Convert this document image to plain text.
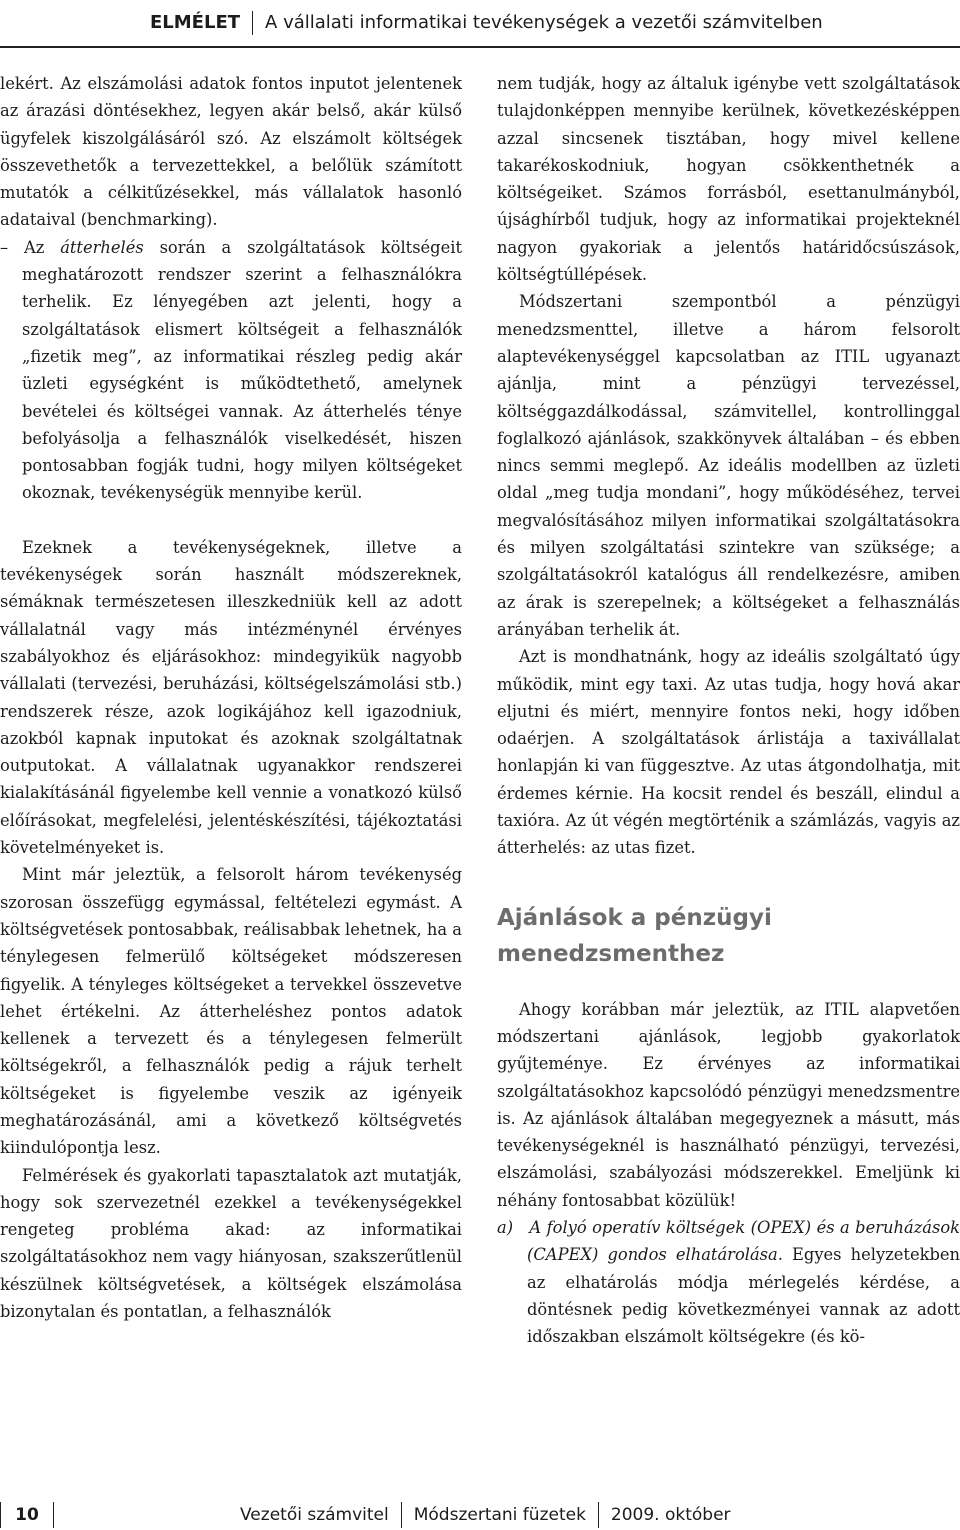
ELMÉLET A vállalati informatikai tevékenységek a vezetői számvitelben

lekért. Az elszámolási adatok fontos inputot jelentenek az árazási döntésekhez, legyen akár belső, akár külső ügyfelek kiszolgálásáról szó. Az elszámolt költségek összevethetők a tervezettekkel, a belőlük számított mutatók a célkitűzésekkel, más vállalatok hasonló adataival (benchmarking).

– Az átterhelés során a szolgáltatások költségeit meghatározott rendszer szerint a felhasználókra terhelik. Ez lényegében azt jelenti, hogy a szolgáltatások elismert költségeit a felhasználók „fizetik meg”, az informatikai részleg pedig akár üzleti egységként is működtethető, amelynek bevételei és költségei vannak. Az átterhelés ténye befolyásolja a felhasználók viselkedését, hiszen pontosabban fogják tudni, hogy milyen költségeket okoznak, tevékenységük mennyibe kerül.

Ezeknek a tevékenységeknek, illetve a tevékenységek során használt módszereknek, sémáknak természetesen illeszkedniük kell az adott vállalatnál vagy más intézménynél érvényes szabályokhoz és eljárásokhoz: mindegyikük nagyobb vállalati (tervezési, beruházási, költségelszámolási stb.) rendszerek része, azok logikájához kell igazodniuk, azokból kapnak inputokat és azoknak szolgáltatnak outputokat. A vállalatnak ugyanakkor rendszerei kialakításánál figyelembe kell vennie a vonatkozó külső előírásokat, megfelelési, jelentéskészítési, tájékoztatási követelményeket is.

Mint már jeleztük, a felsorolt három tevékenység szorosan összefügg egymással, feltételezi egymást. A költségvetések pontosabbak, reálisabbak lehetnek, ha a ténylegesen felmerülő költségeket módszeresen figyelik. A tényleges költségeket a tervekkel összevetve lehet értékelni. Az átterheléshez pontos adatok kellenek a tervezett és a ténylegesen felmerült költségekről, a felhasználók pedig a rájuk terhelt költségeket is figyelembe veszik az igényeik meghatározásánál, ami a következő költségvetés kiindulópontja lesz.

Felmérések és gyakorlati tapasztalatok azt mutatják, hogy sok szervezetnél ezekkel a tevékenységekkel rengeteg probléma akad: az informatikai szolgáltatásokhoz nem vagy hiányosan, szakszerűtlenül készülnek költségvetések, a költségek elszámolása bizonytalan és pontatlan, a felhasználók

nem tudják, hogy az általuk igénybe vett szolgáltatások tulajdonképpen mennyibe kerülnek, következésképpen azzal sincsenek tisztában, hogy mivel kellene takarékoskodniuk, hogyan csökkenthetnék a költségeiket. Számos forrásból, esettanulmányból, újsághírből tudjuk, hogy az informatikai projekteknél nagyon gyakoriak a jelentős határidőcsúszások, költségtúllépések.

Módszertani szempontból a pénzügyi menedzsmenttel, illetve a három felsorolt alaptevékenységgel kapcsolatban az ITIL ugyanazt ajánlja, mint a pénzügyi tervezéssel, költséggazdálkodással, számvitellel, kontrollinggal foglalkozó ajánlások, szakkönyvek általában – és ebben nincs semmi meglepő. Az ideális modellben az üzleti oldal „meg tudja mondani”, hogy működéséhez, tervei megvalósításához milyen informatikai szolgáltatásokra és milyen szolgáltatási szintekre van szüksége; a szolgáltatásokról katalógus áll rendelkezésre, amiben az árak is szerepelnek; a költségeket a felhasználás arányában terhelik át.

Azt is mondhatnánk, hogy az ideális szolgáltató úgy működik, mint egy taxi. Az utas tudja, hogy hová akar eljutni és miért, mennyire fontos neki, hogy időben odaérjen. A szolgáltatások árlistája a taxivállalat honlapján ki van függesztve. Az utas átgondolhatja, mit érdemes kérnie. Ha kocsit rendel és beszáll, elindul a taxióra. Az út végén megtörténik a számlázás, vagyis az átterhelés: az utas fizet.

Ajánlások a pénzügyi menedzsmenthez

Ahogy korábban már jeleztük, az ITIL alapvetően módszertani ajánlások, legjobb gyakorlatok gyűjteménye. Ez érvényes az informatikai szolgáltatásokhoz kapcsolódó pénzügyi menedzsmentre is. Az ajánlások általában megegyeznek a másutt, más tevékenységeknél is használható pénzügyi, tervezési, elszámolási, szabályozási módszerekkel. Emeljünk ki néhány fontosabbat közülük!

a) A folyó operatív költségek (OPEX) és a beruházások (CAPEX) gondos elhatárolása. Egyes helyzetekben az elhatárolás módja mérlegelés kérdése, a döntésnek pedig következményei vannak az adott időszakban elszámolt költségekre (és kö-

10	Vezetői számvitel Módszertani füzetek 2009. október
